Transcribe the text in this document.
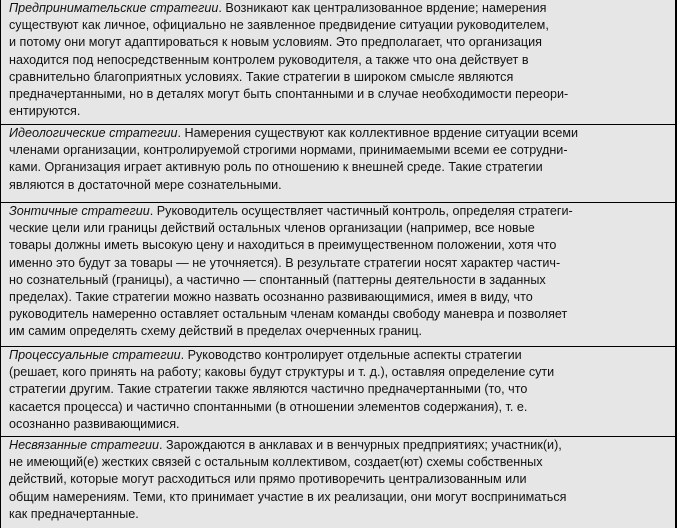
Предпринимательские стратегии. Возникают как централизованное врдение; намерения
существуют как личное, официально не заявленное предвидение ситуации руководителем,
и потому они могут адаптироваться к новым условиям. Это предполагает, что организация
находится под непосредственным контролем руководителя, а также что она действует в
сравнительно благоприятных условиях. Такие стратегии в широком смысле являются
предначертанными, но в деталях могут быть спонтанными и в случае необходимости переори-
ентируются.
Идеологические стратегии. Намерения существуют как коллективное врдение ситуации всеми
членами организации, контролируемой строгими нормами, принимаемыми всеми ее сотрудни-
ками. Организация играет активную роль по отношению к внешней среде. Такие стратегии
являются в достаточной мере сознательными.
Зонтичные стратегии. Руководитель осуществляет частичный контроль, определяя стратеги-
ческие цели или границы действий остальных членов организации (например, все новые
товары должны иметь высокую цену и находиться в преимущественном положении, хотя что
именно это будут за товары — не уточняется). В результате стратегии носят характер частич-
но сознательный (границы), а частично — спонтанный (паттерны деятельности в заданных
пределах). Такие стратегии можно назвать осознанно развивающимися, имея в виду, что
руководитель намеренно оставляет остальным членам команды свободу маневра и позволяет
им самим определять схему действий в пределах очерченных границ.
Процессуальные стратегии. Руководство контролирует отдельные аспекты стратегии
(решает, кого принять на работу; каковы будут структуры и т. д.), оставляя определение сути
стратегии другим. Такие стратегии также являются частично предначертанными (то, что
касается процесса) и частично спонтанными (в отношении элементов содержания), т. е.
осознанно развивающимися.
Несвязанные стратегии. Зарождаются в анклавах и в венчурных предприятиях; участник(и),
не имеющий(е) жестких связей с остальным коллективом, создает(ют) схемы собственных
действий, которые могут расходиться или прямо противоречить централизованным или
общим намерениям. Теми, кто принимает участие в их реализации, они могут восприниматься
как предначертанные.
